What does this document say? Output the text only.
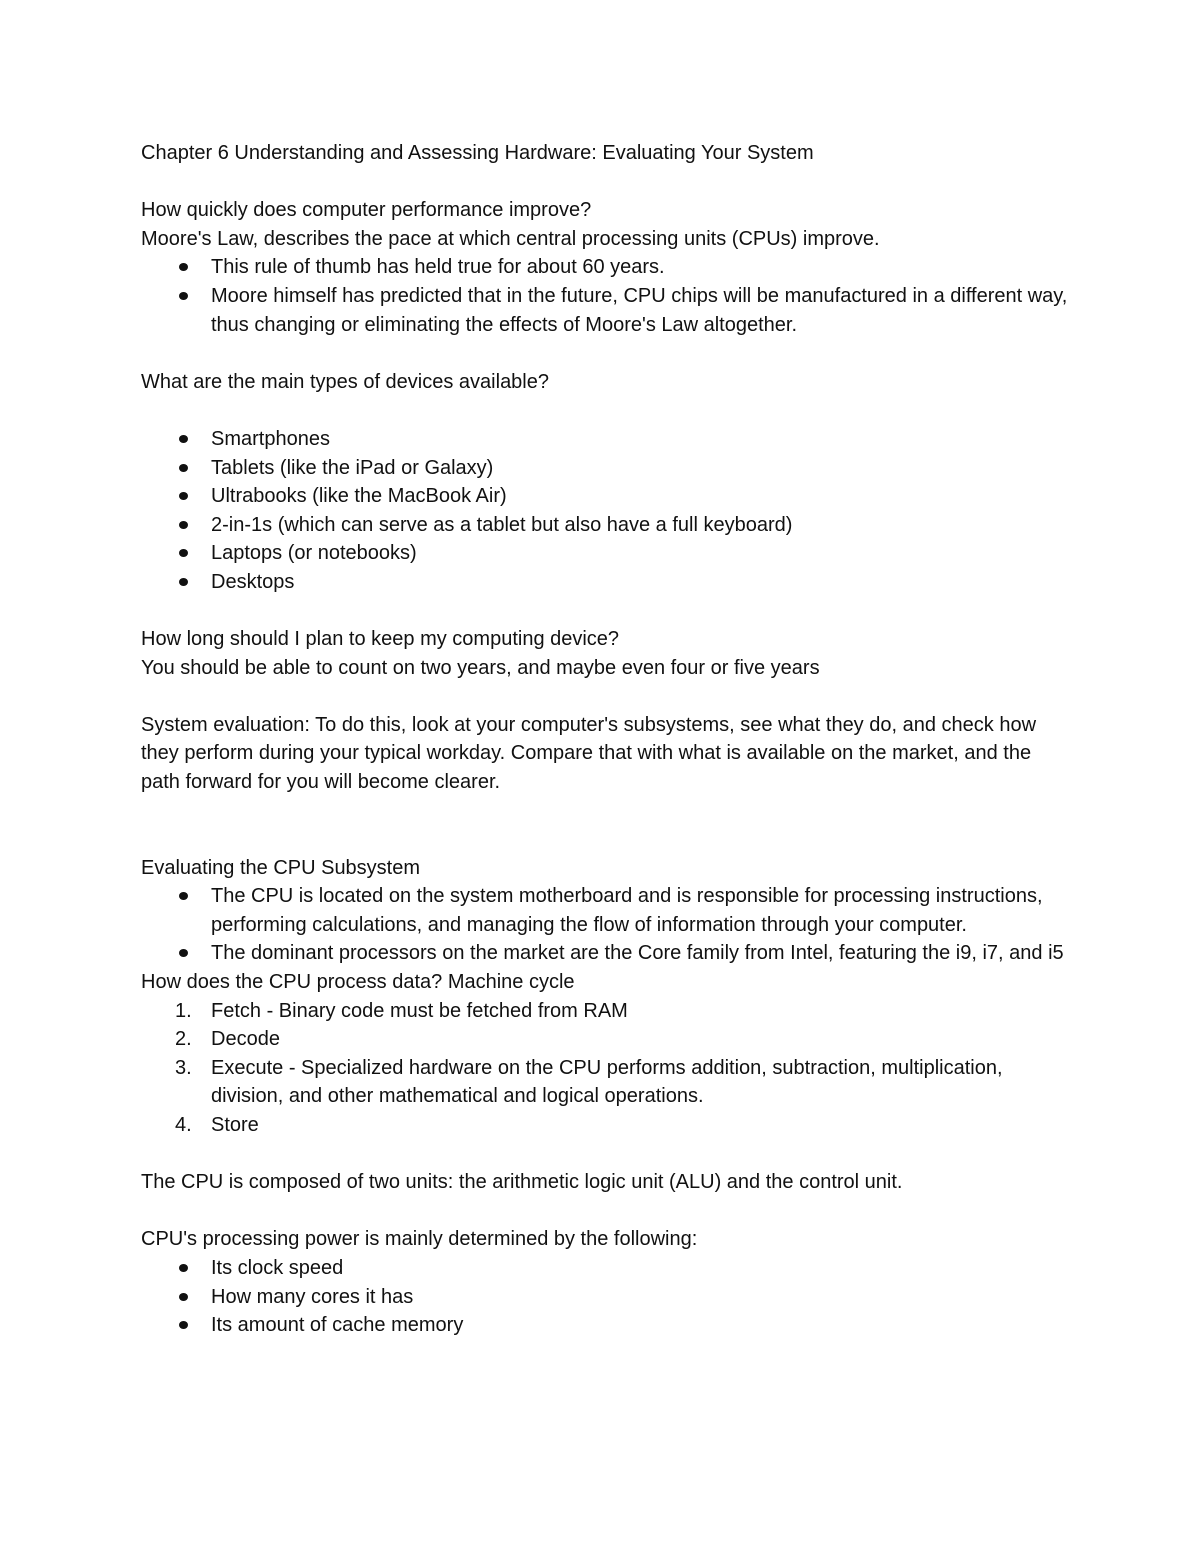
Chapter 6 Understanding and Assessing Hardware: Evaluating Your System

How quickly does computer performance improve?

Moore's Law, describes the pace at which central processing units (CPUs) improve.

This rule of thumb has held true for about 60 years.
Moore himself has predicted that in the future, CPU chips will be manufactured in a different way, thus changing or eliminating the effects of Moore's Law altogether.

What are the main types of devices available?

Smartphones
Tablets (like the iPad or Galaxy)
Ultrabooks (like the MacBook Air)
2-in-1s (which can serve as a tablet but also have a full keyboard)
Laptops (or notebooks)
Desktops

How long should I plan to keep my computing device?

You should be able to count on two years, and maybe even four or five years

System evaluation: To do this, look at your computer's subsystems, see what they do, and check how they perform during your typical workday. Compare that with what is available on the market, and the path forward for you will become clearer.

Evaluating the CPU Subsystem

The CPU is located on the system motherboard and is responsible for processing instructions, performing calculations, and managing the flow of information through your computer.
The dominant processors on the market are the Core family from Intel, featuring the i9, i7, and i5

How does the CPU process data? Machine cycle

1. Fetch - Binary code must be fetched from RAM
2. Decode
3. Execute - Specialized hardware on the CPU performs addition, subtraction, multiplication, division, and other mathematical and logical operations.
4. Store

The CPU is composed of two units: the arithmetic logic unit (ALU) and the control unit.

CPU's processing power is mainly determined by the following:

Its clock speed
How many cores it has
Its amount of cache memory
